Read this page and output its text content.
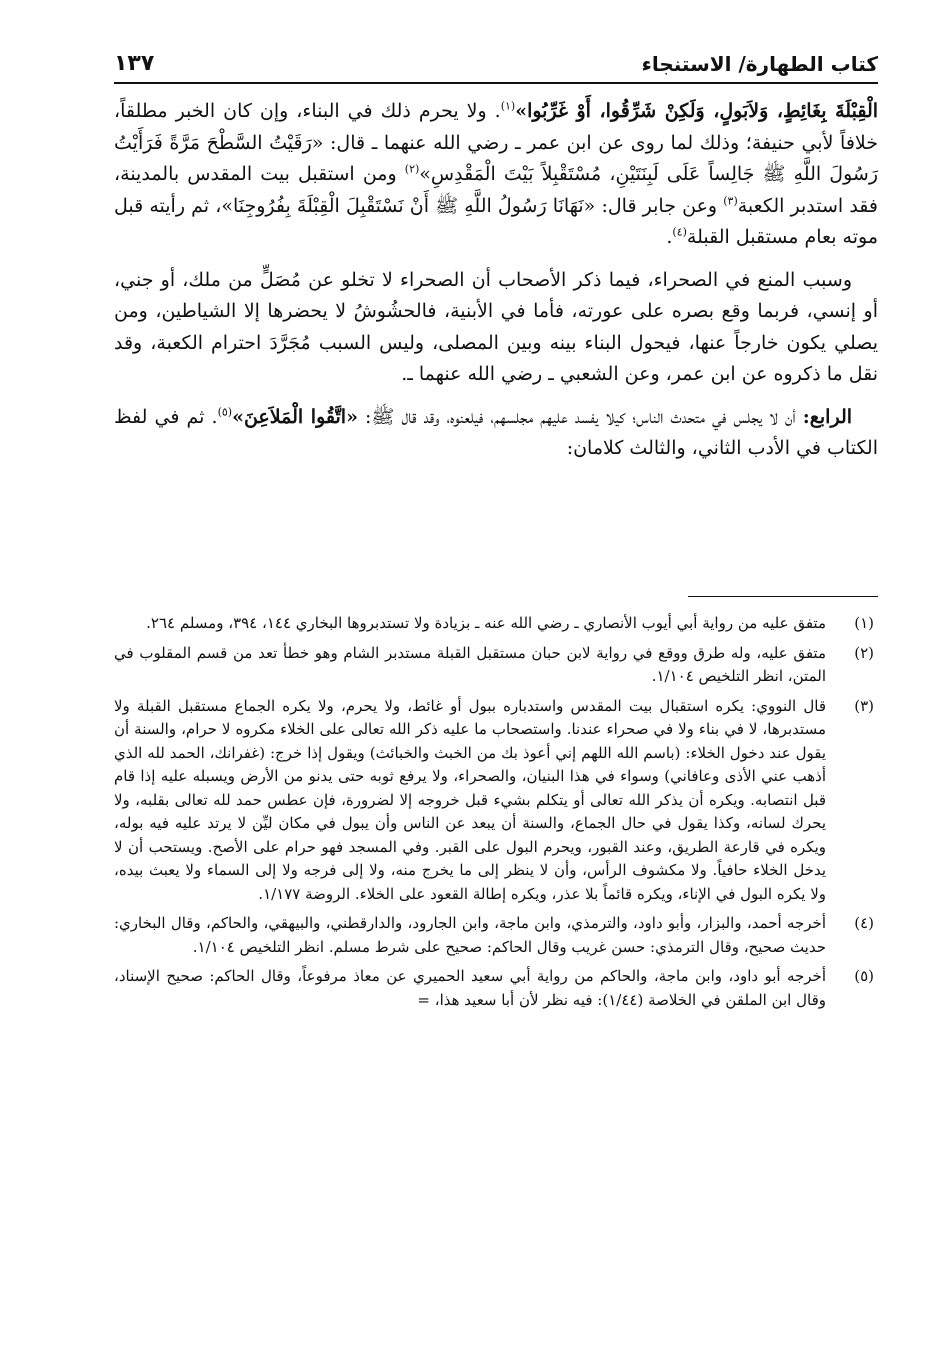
كتاب الطهارة/ الاستنجاء
١٣٧

الْقِبْلَةَ بِغَائِطٍ، وَلاَبَولٍ، وَلَكِنْ شَرِّقُوا، أَوْ غَرِّبُوا»$^{(١)}$. ولا يحرم ذلك في البناء، وإن كان الخبر مطلقاً، خلافاً لأبي حنيفة؛ وذلك لما روى عن ابن عمر ـ رضي الله عنهما ـ قال: «رَقَيْتُ السَّطْحَ مَرَّةً فَرَأَيْتُ رَسُولَ اللَّهِ ﷺ جَالِساً عَلَى لَبِنَتَيْنِ، مُسْتَقْبِلاً بَيْتَ الْمَقْدِسِ»$^{(٢)}$ ومن استقبل بيت المقدس بالمدينة، فقد استدبر الكعبة$^{(٣)}$ وعن جابر قال: «نَهَانَا رَسُولُ اللَّهِ ﷺ أَنْ نَسْتَقْبِلَ الْقِبْلَةَ بِفُرُوجِنَا»، ثم رأيته قبل موته بعام مستقبل القبلة$^{(٤)}$.

وسبب المنع في الصحراء، فيما ذكر الأصحاب أن الصحراء لا تخلو عن مُصَلٍّ من ملك، أو جني، أو إنسي، فربما وقع بصره على عورته، فأما في الأبنية، فالحشُوشُ لا يحضرها إلا الشياطين، ومن يصلي يكون خارجاً عنها، فيحول البناء بينه وبين المصلى، وليس السبب مُجَرَّدَ احترام الكعبة، وقد نقل ما ذكروه عن ابن عمر، وعن الشعبي ـ رضي الله عنهما ـ.

الرابع: أن لا يجلس في متحدث الناس؛ كيلا يفسد عليهم مجلسهم، فيلعنوه، وقد قال ﷺ: «اتَّقُوا الْمَلاَعِنَ»$^{(٥)}$. ثم في لفظ الكتاب في الأدب الثاني، والثالث كلامان:

(١)
متفق عليه من رواية أبي أيوب الأنصاري ـ رضي الله عنه ـ بزيادة ولا تستدبروها البخاري ١٤٤، ٣٩٤، ومسلم ٢٦٤.
(٢)
متفق عليه، وله طرق ووقع في رواية لابن حبان مستقبل القبلة مستدبر الشام وهو خطأ تعد من قسم المقلوب في المتن، انظر التلخيص ١/١٠٤.
(٣)
قال النووي: يكره استقبال بيت المقدس واستدباره ببول أو غائط، ولا يحرم، ولا يكره الجماع مستقبل القبلة ولا مستدبرها، لا في بناء ولا في صحراء عندنا. واستصحاب ما عليه ذكر الله تعالى على الخلاء مكروه لا حرام، والسنة أن يقول عند دخول الخلاء: (باسم الله اللهم إني أعوذ بك من الخبث والخبائث) ويقول إذا خرج: (غفرانك، الحمد لله الذي أذهب عني الأذى وعافاني) وسواء في هذا البنيان، والصحراء، ولا يرفع ثوبه حتى يدنو من الأرض ويسبله عليه إذا قام قبل انتصابه. ويكره أن يذكر الله تعالى أو يتكلم بشيء قبل خروجه إلا لضرورة، فإن عطس حمد لله تعالى بقلبه، ولا يحرك لسانه، وكذا يقول في حال الجماع، والسنة أن يبعد عن الناس وأن يبول في مكان ليِّن لا يرتد عليه فيه بوله، ويكره في قارعة الطريق، وعند القبور، ويحرم البول على القبر. وفي المسجد فهو حرام على الأصح. ويستحب أن لا يدخل الخلاء حافياً. ولا مكشوف الرأس، وأن لا ينظر إلى ما يخرج منه، ولا إلى فرجه ولا إلى السماء ولا يعبث بيده، ولا يكره البول في الإناء، ويكره قائماً بلا عذر، ويكره إطالة القعود على الخلاء. الروضة ١/١٧٧.
(٤)
أخرجه أحمد، والبزار، وأبو داود، والترمذي، وابن ماجة، وابن الجارود، والدارقطني، والبيهقي، والحاكم، وقال البخاري: حديث صحيح، وقال الترمذي: حسن غريب وقال الحاكم: صحيح على شرط مسلم. انظر التلخيص ١/١٠٤.
(٥)
أخرجه أبو داود، وابن ماجة، والحاكم من رواية أبي سعيد الحميري عن معاذ مرفوعاً، وقال الحاكم: صحيح الإسناد، وقال ابن الملقن في الخلاصة (١/٤٤): فيه نظر لأن أبا سعيد هذا، =
